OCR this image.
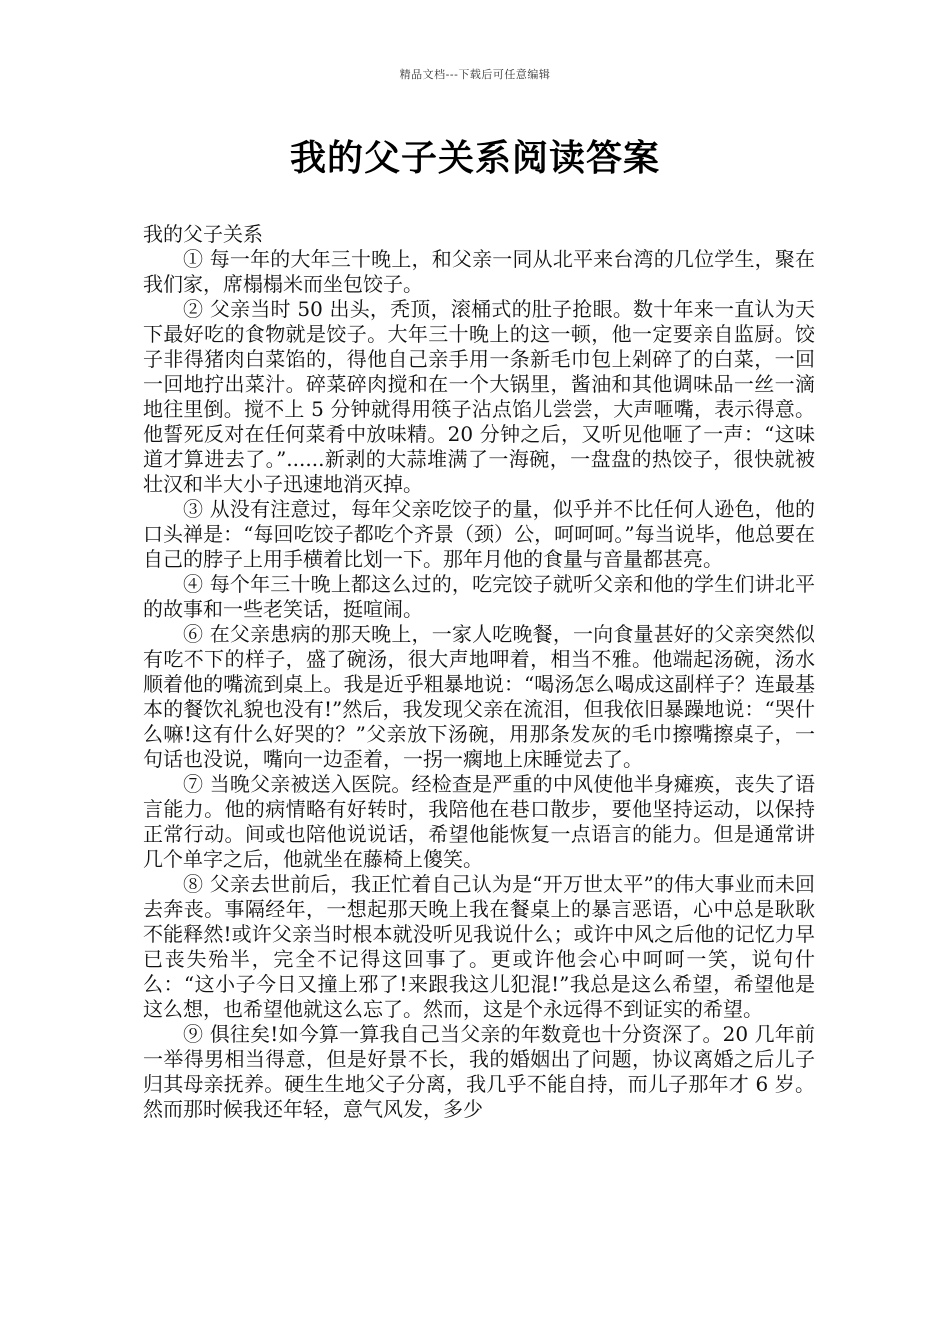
精品文档---下载后可任意编辑
我的父子关系阅读答案

我的父子关系

① 每一年的大年三十晚上，和父亲一同从北平来台湾的几位学生，聚在我们家，席榻榻米而坐包饺子。

② 父亲当时 50 出头，秃顶，滚桶式的肚子抢眼。数十年来一直认为天下最好吃的食物就是饺子。大年三十晚上的这一顿，他一定要亲自监厨。饺子非得猪肉白菜馅的，得他自己亲手用一条新毛巾包上剁碎了的白菜，一回一回地拧出菜汁。碎菜碎肉搅和在一个大锅里，酱油和其他调味品一丝一滴地往里倒。搅不上 5 分钟就得用筷子沾点馅儿尝尝，大声咂嘴，表示得意。他誓死反对在任何菜肴中放味精。20 分钟之后，又听见他咂了一声：“这味道才算进去了。”......新剥的大蒜堆满了一海碗，一盘盘的热饺子，很快就被壮汉和半大小子迅速地消灭掉。

③ 从没有注意过，每年父亲吃饺子的量，似乎并不比任何人逊色，他的口头禅是：“每回吃饺子都吃个齐景（颈）公，呵呵呵。”每当说毕，他总要在自己的脖子上用手横着比划一下。那年月他的食量与音量都甚亮。

④ 每个年三十晚上都这么过的，吃完饺子就听父亲和他的学生们讲北平的故事和一些老笑话，挺喧闹。

⑥ 在父亲患病的那天晚上，一家人吃晚餐，一向食量甚好的父亲突然似有吃不下的样子，盛了碗汤，很大声地呷着，相当不雅。他端起汤碗，汤水顺着他的嘴流到桌上。我是近乎粗暴地说：“喝汤怎么喝成这副样子？连最基本的餐饮礼貌也没有!”然后，我发现父亲在流泪，但我依旧暴躁地说：“哭什么嘛!这有什么好哭的？”父亲放下汤碗，用那条发灰的毛巾擦嘴擦桌子，一句话也没说，嘴向一边歪着，一拐一瘸地上床睡觉去了。

⑦ 当晚父亲被送入医院。经检查是严重的中风使他半身瘫痪，丧失了语言能力。他的病情略有好转时，我陪他在巷口散步，要他坚持运动，以保持正常行动。间或也陪他说说话，希望他能恢复一点语言的能力。但是通常讲几个单字之后，他就坐在藤椅上傻笑。

⑧ 父亲去世前后，我正忙着自己认为是“开万世太平”的伟大事业而未回去奔丧。事隔经年，一想起那天晚上我在餐桌上的暴言恶语，心中总是耿耿不能释然!或许父亲当时根本就没听见我说什么；或许中风之后他的记忆力早已丧失殆半，完全不记得这回事了。更或许他会心中呵呵一笑，说句什么：“这小子今日又撞上邪了!来跟我这儿犯混!”我总是这么希望，希望他是这么想，也希望他就这么忘了。然而，这是个永远得不到证实的希望。

⑨ 俱往矣!如今算一算我自己当父亲的年数竟也十分资深了。20 几年前一举得男相当得意，但是好景不长，我的婚姻出了问题，协议离婚之后儿子归其母亲抚养。硬生生地父子分离，我几乎不能自持，而儿子那年才 6 岁。然而那时候我还年轻，意气风发，多少
